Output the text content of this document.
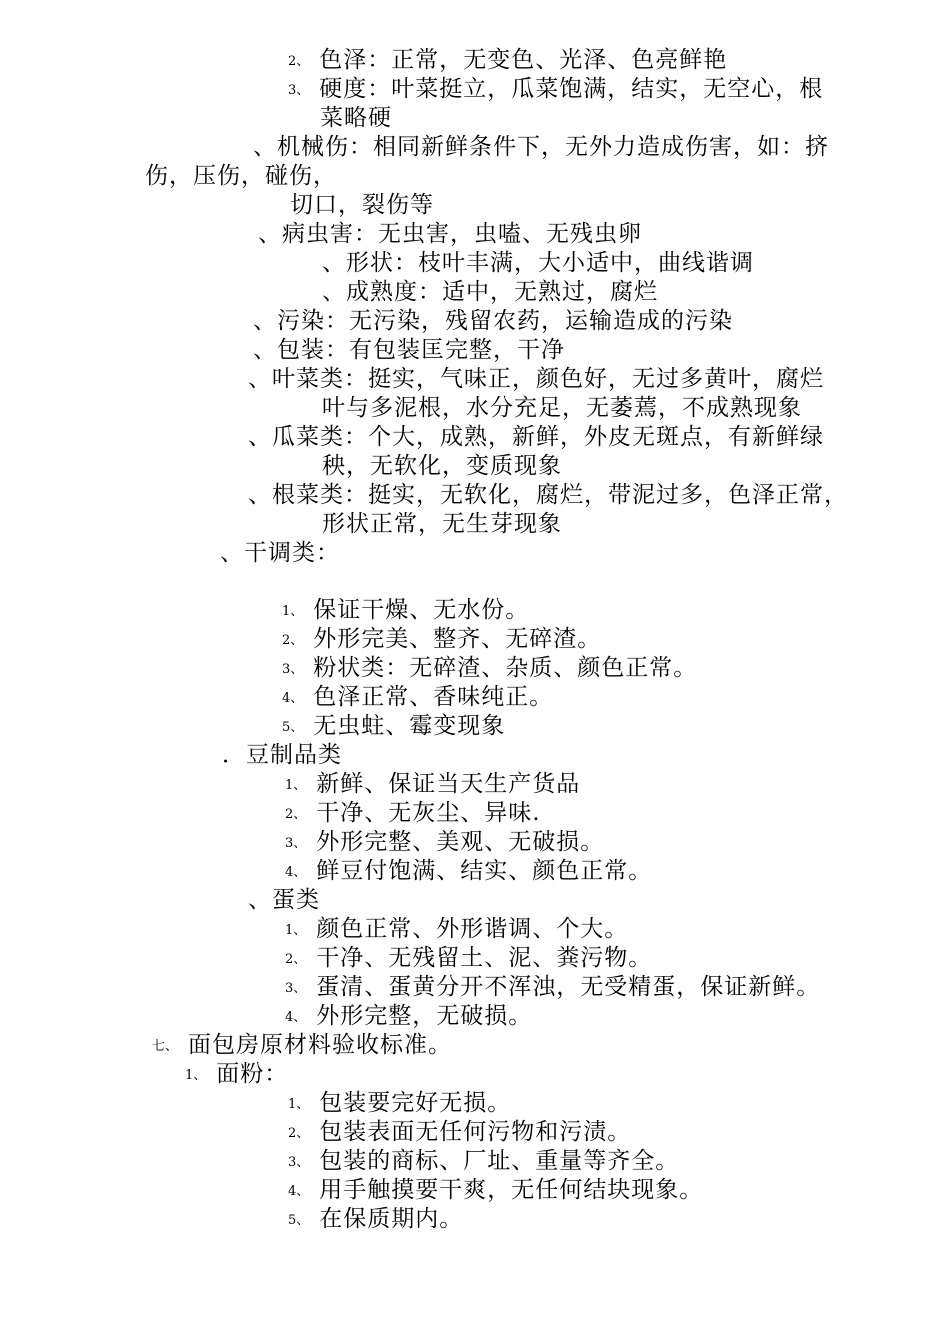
2、 色泽：正常，无变色、光泽、色亮鲜艳
3、 硬度：叶菜挺立，瓜菜饱满，结实，无空心，根
菜略硬
、机械伤：相同新鲜条件下，无外力造成伤害，如：挤
伤，压伤，碰伤，
切口，裂伤等
、病虫害：无虫害，虫嗑、无残虫卵
、形状：枝叶丰满，大小适中，曲线谐调
、成熟度：适中，无熟过，腐烂
、污染：无污染，残留农药，运输造成的污染
、包装：有包装匡完整，干净
、叶菜类：挺实，气味正，颜色好，无过多黄叶，腐烂
叶与多泥根，水分充足，无萎蔫，不成熟现象
、瓜菜类：个大，成熟，新鲜，外皮无斑点，有新鲜绿
秧，无软化，变质现象
、根菜类：挺实，无软化，腐烂，带泥过多，色泽正常，
形状正常，无生芽现象
、干调类：
1、 保证干燥、无水份。
2、 外形完美、整齐、无碎渣。
3、 粉状类：无碎渣、杂质、颜色正常。
4、 色泽正常、香味纯正。
5、 无虫蛀、霉变现象
．豆制品类
1、 新鲜、保证当天生产货品
2、 干净、无灰尘、异味.
3、 外形完整、美观、无破损。
4、 鲜豆付饱满、结实、颜色正常。
、蛋类
1、 颜色正常、外形谐调、个大。
2、 干净、无残留土、泥、粪污物。
3、 蛋清、蛋黄分开不浑浊，无受精蛋，保证新鲜。
4、 外形完整，无破损。
七、 面包房原材料验收标准。
1、 面粉：
1、 包装要完好无损。
2、 包装表面无任何污物和污渍。
3、 包装的商标、厂址、重量等齐全。
4、 用手触摸要干爽，无任何结块现象。
5、 在保质期内。
